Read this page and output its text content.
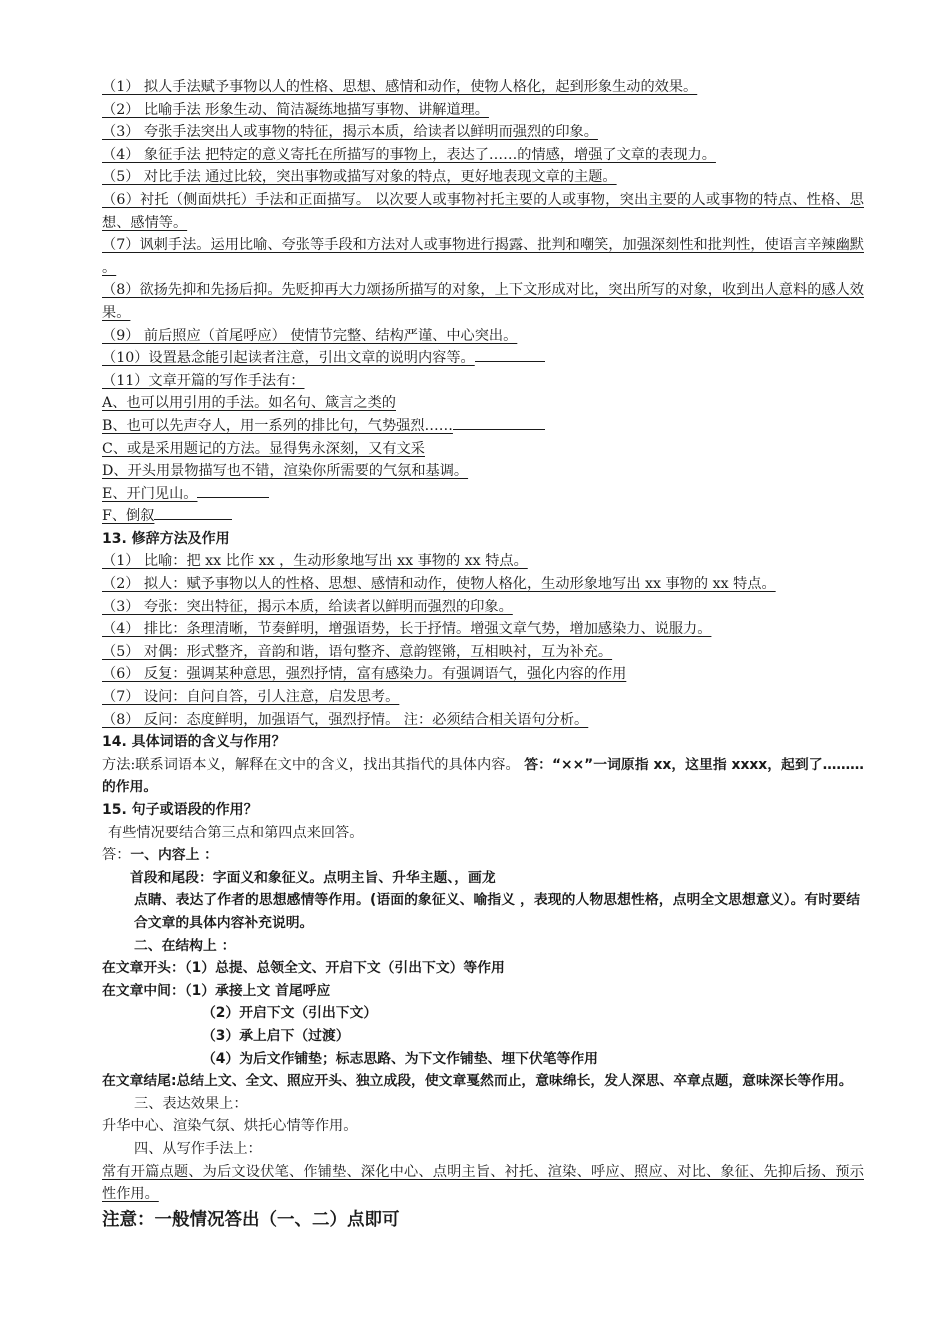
（1） 拟人手法赋予事物以人的性格、思想、感情和动作，使物人格化，起到形象生动的效果。
（2） 比喻手法 形象生动、简洁凝练地描写事物、讲解道理。
（3） 夸张手法突出人或事物的特征，揭示本质，给读者以鲜明而强烈的印象。
（4） 象征手法 把特定的意义寄托在所描写的事物上，表达了……的情感，增强了文章的表现力。
（5） 对比手法 通过比较，突出事物或描写对象的特点，更好地表现文章的主题。
（6）衬托（侧面烘托）手法和正面描写。 以次要人或事物衬托主要的人或事物，突出主要的人或事物的特点、性格、思想、感情等。
（7）讽刺手法。运用比喻、夸张等手段和方法对人或事物进行揭露、批判和嘲笑，加强深刻性和批判性，使语言辛辣幽默 。
（8）欲扬先抑和先扬后抑。先贬抑再大力颂扬所描写的对象，上下文形成对比，突出所写的对象，收到出人意料的感人效果。
（9） 前后照应（首尾呼应） 使情节完整、结构严谨、中心突出。
（10）设置悬念能引起读者注意，引出文章的说明内容等。
（11）文章开篇的写作手法有：
A、也可以用引用的手法。如名句、箴言之类的
B、也可以先声夺人，用一系列的排比句，气势强烈……
C、或是采用题记的方法。显得隽永深刻，又有文采
D、开头用景物描写也不错，渲染你所需要的气氛和基调。
E、开门见山。
F、倒叙
13. 修辞方法及作用
（1） 比喻：把 xx 比作 xx ，生动形象地写出 xx 事物的 xx 特点。
（2） 拟人：赋予事物以人的性格、思想、感情和动作，使物人格化，生动形象地写出 xx 事物的 xx 特点。
（3） 夸张：突出特征，揭示本质，给读者以鲜明而强烈的印象。
（4） 排比：条理清晰，节奏鲜明，增强语势，长于抒情。增强文章气势，增加感染力、说服力。
（5） 对偶：形式整齐，音韵和谐，语句整齐、意韵铿锵，互相映衬，互为补充。
（6） 反复：强调某种意思，强烈抒情，富有感染力。有强调语气，强化内容的作用
（7） 设问：自问自答，引人注意，启发思考。
（8） 反问：态度鲜明，加强语气，强烈抒情。 注：必须结合相关语句分析。
14. 具体词语的含义与作用？
方法:联系词语本义，解释在文中的含义，找出其指代的具体内容。 答：“××”一词原指 xx，这里指 xxxx，起到了………的作用。
15. 句子或语段的作用？
有些情况要结合第三点和第四点来回答。
答：一、内容上 ：
首段和尾段：字面义和象征义。点明主旨、升华主题、，画龙
点睛、表达了作者的思想感情等作用。(语面的象征义、喻指义 ，表现的人物思想性格，点明全文思想意义）。有时要结合文章的具体内容补充说明。
二、在结构上 ：
在文章开头：（1）总提、总领全文、开启下文（引出下文）等作用
在文章中间：（1）承接上文 首尾呼应
（2）开启下文（引出下文）
（3）承上启下（过渡）
（4）为后文作铺垫；标志思路、为下文作铺垫、埋下伏笔等作用
在文章结尾: 总结上文、全文、照应开头、独立成段，使文章戛然而止，意味绵长，发人深思、卒章点题，意味深长等作用。
三、表达效果上：
升华中心、渲染气氛、烘托心情等作用。
四、从写作手法上：
常有开篇点题、为后文设伏笔、作铺垫、深化中心、点明主旨、衬托、渲染、呼应、照应、对比、象征、先抑后扬、预示性作用。
注意：一般情况答出（一、二）点即可
